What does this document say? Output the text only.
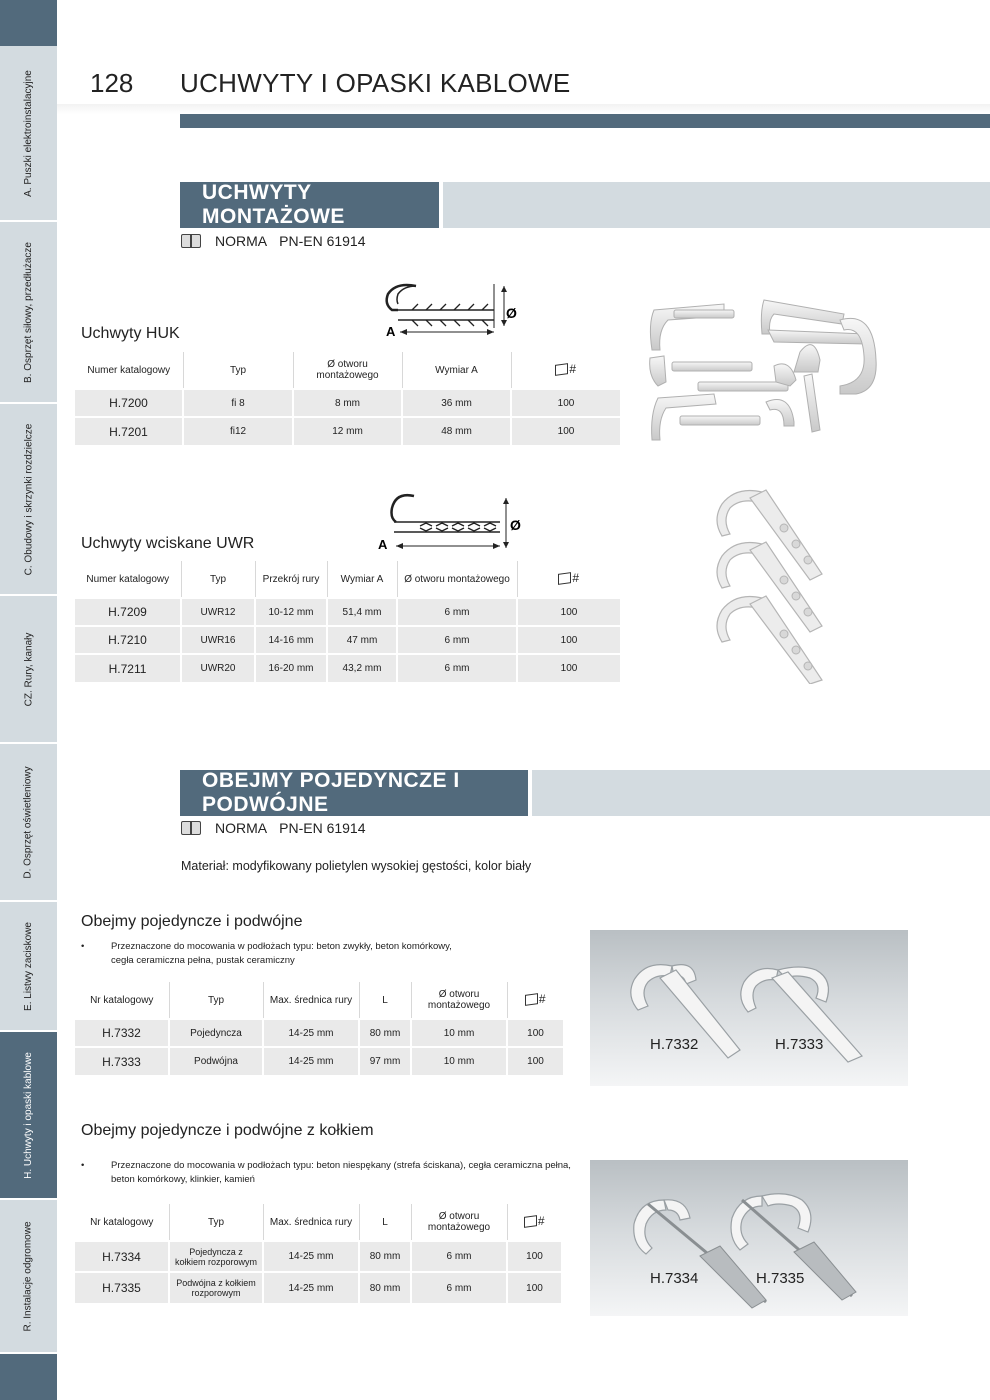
A. Puszki elektroinstalacyjne
B. Osprzęt siłowy, przedłużacze
C. Obudowy i skrzynki rozdzielcze
CZ. Rury, kanały
D. Osprzęt oświetleniowy
E. Listwy zaciskowe
H. Uchwyty i opaski kablowe
R. Instalacje odgromowe
128 UCHWYTY I OPASKI KABLOWE
UCHWYTY MONTAŻOWE
NORMA PN-EN 61914
A
Ø
Uchwyty HUK
Numer katalogowy	Typ	Ø otworu montażowego	Wymiar A	#
H.7200	fi 8	8 mm	36 mm	100
H.7201	fi12	12 mm	48 mm	100
A
Ø
Uchwyty wciskane UWR
Numer katalogowy	Typ	Przekrój rury	Wymiar A	Ø otworu montażowego	#
H.7209	UWR12	10-12 mm	51,4 mm	6 mm	100
H.7210	UWR16	14-16 mm	47 mm	6 mm	100
H.7211	UWR20	16-20 mm	43,2 mm	6 mm	100
OBEJMY POJEDYNCZE I PODWÓJNE
NORMA PN-EN 61914
Materiał: modyfikowany polietylen wysokiej gęstości, kolor biały
Obejmy pojedyncze i podwójne
•	Przeznaczone do mocowania w podłożach typu: beton zwykły, beton komórkowy,
cegła ceramiczna pełna, pustak ceramiczny
Nr katalogowy	Typ	Max. średnica rury	L	Ø otworu montażowego	#
H.7332	Pojedyncza	14-25 mm	80 mm	10 mm	100
H.7333	Podwójna	14-25 mm	97 mm	10 mm	100
H.7332	H.7333
Obejmy pojedyncze i podwójne z kołkiem
•	Przeznaczone do mocowania w podłożach typu: beton niespękany (strefa ściskana), cegła ceramiczna pełna,
beton komórkowy, klinkier, kamień
Nr katalogowy	Typ	Max. średnica rury	L	Ø otworu montażowego	#
H.7334	Pojedyncza z kołkiem rozporowym	14-25 mm	80 mm	6 mm	100
H.7335	Podwójna z kołkiem rozporowym	14-25 mm	80 mm	6 mm	100
H.7334	H.7335
